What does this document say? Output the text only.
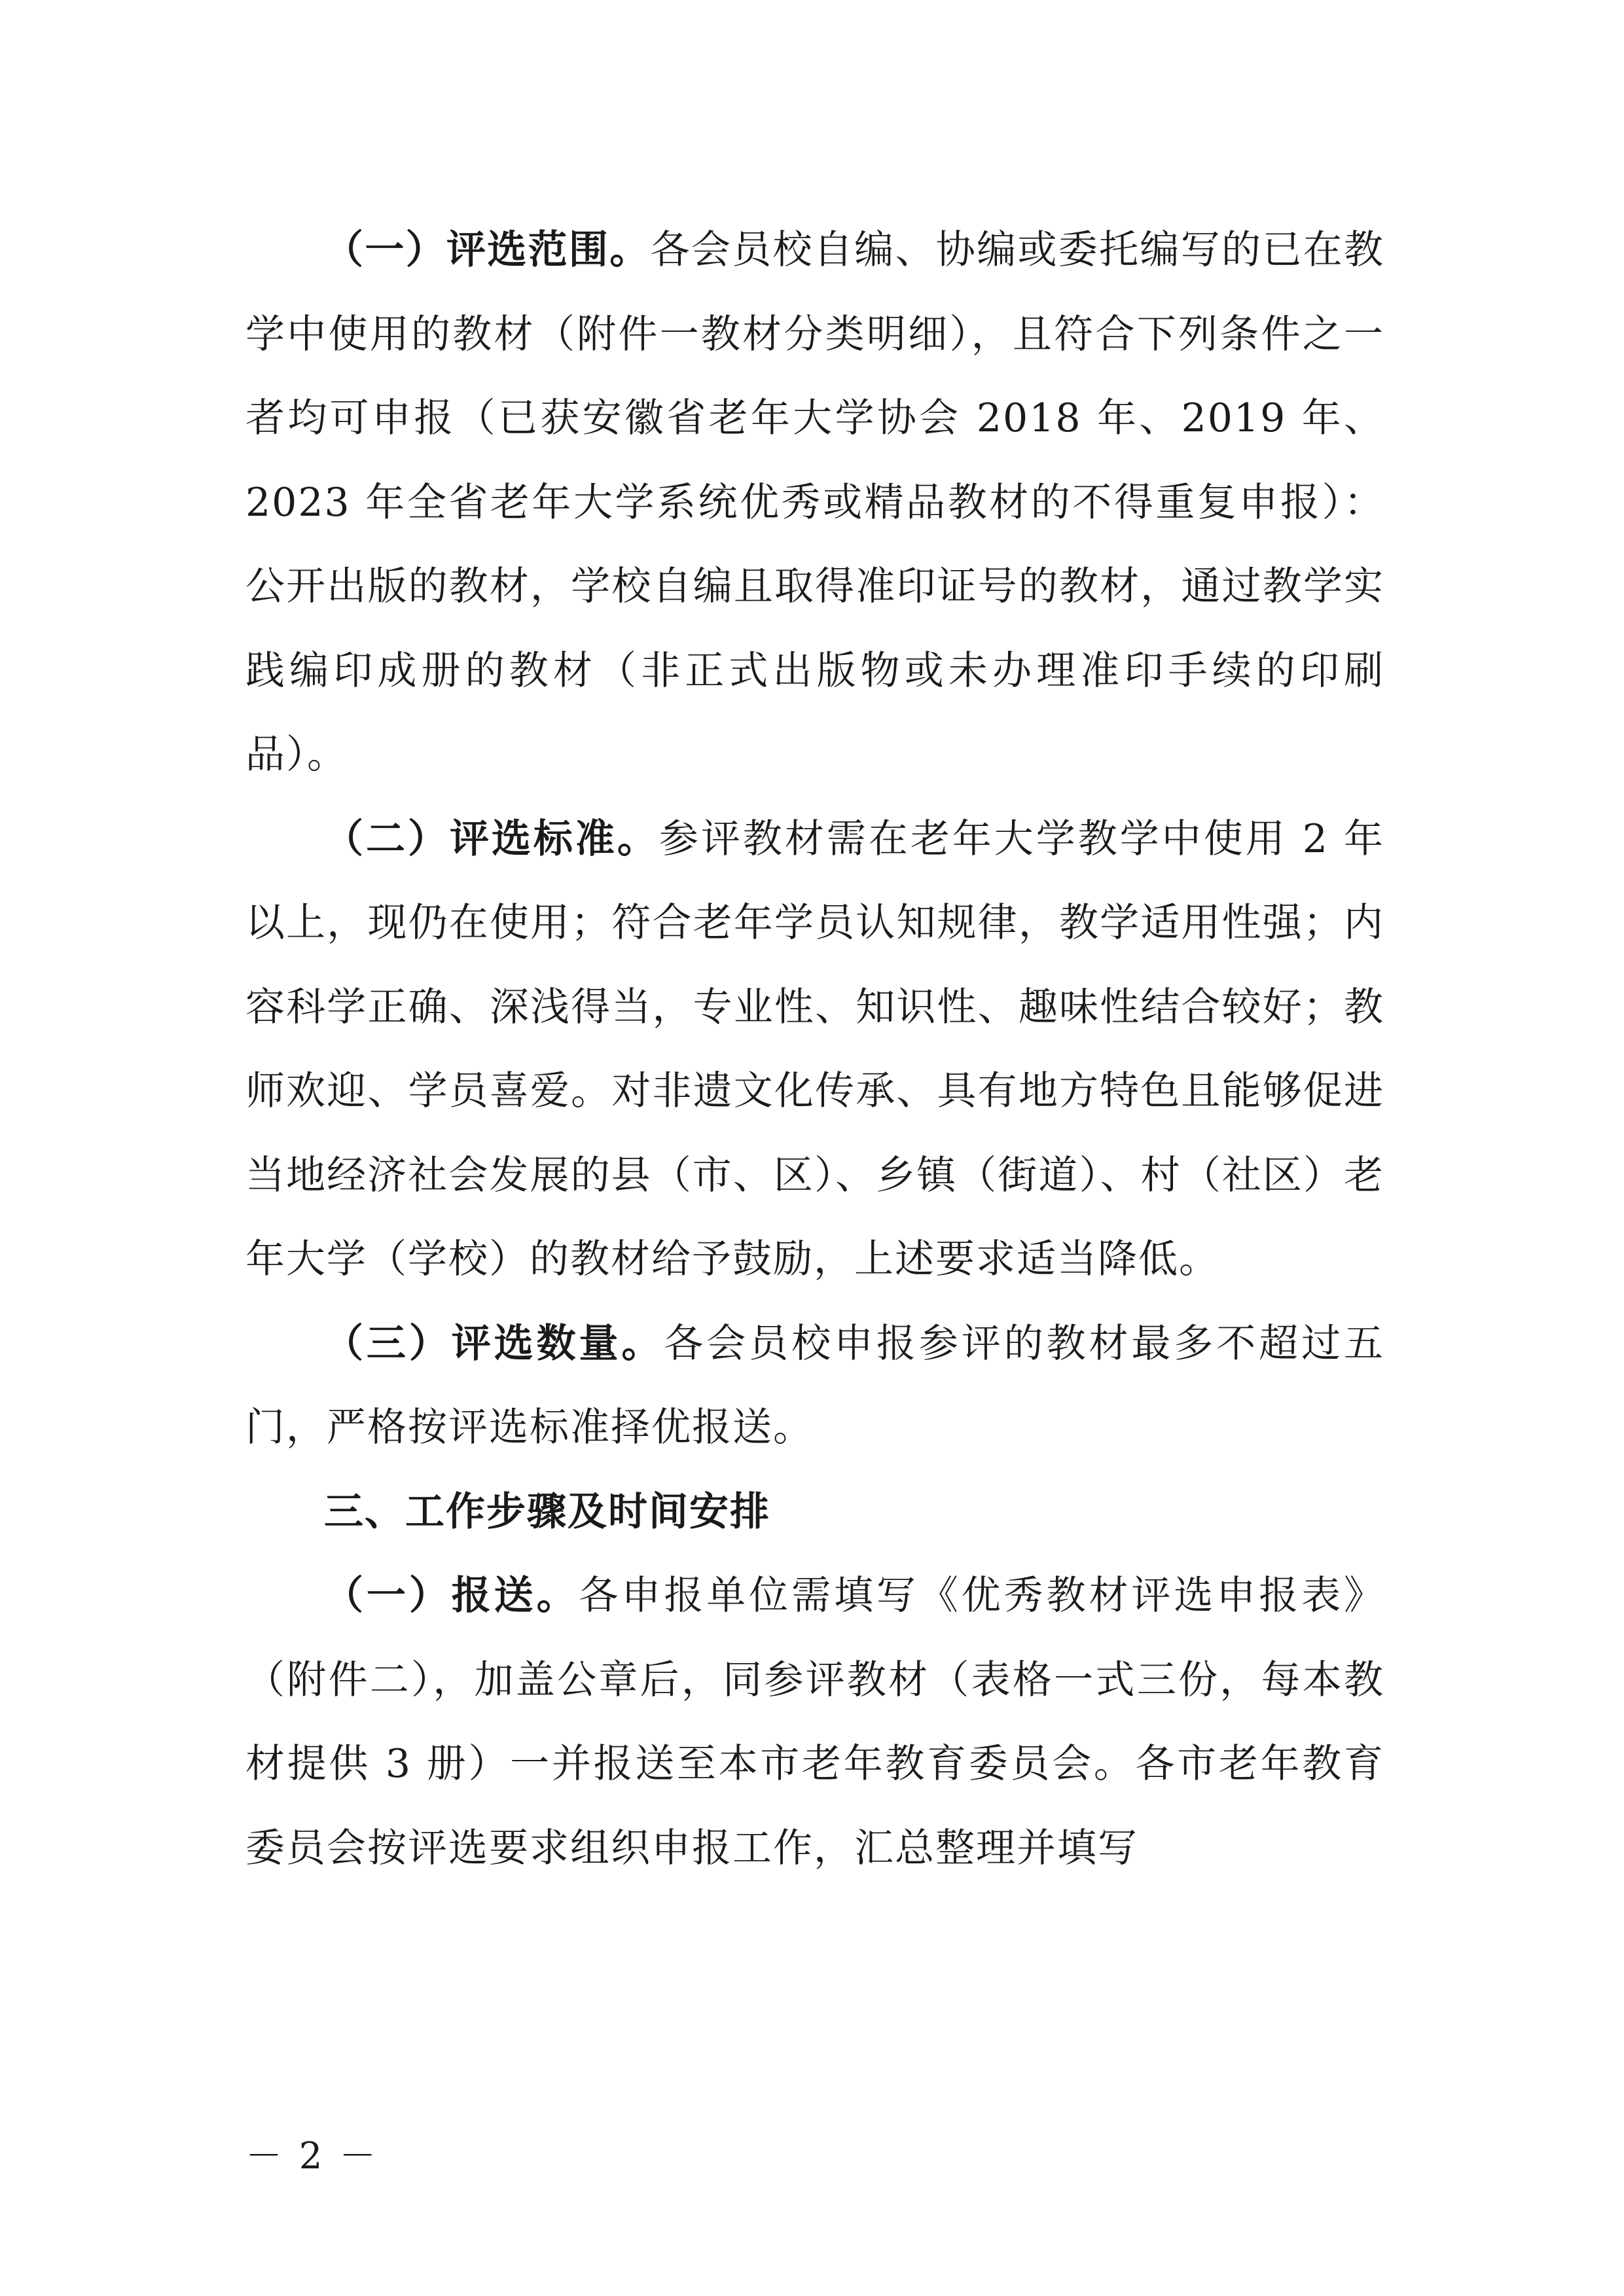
（一）评选范围。各会员校自编、协编或委托编写的已在教学中使用的教材（附件一教材分类明细），且符合下列条件之一者均可申报（已获安徽省老年大学协会 2018 年、2019 年、2023 年全省老年大学系统优秀或精品教材的不得重复申报）：公开出版的教材，学校自编且取得准印证号的教材，通过教学实践编印成册的教材（非正式出版物或未办理准印手续的印刷品）。

（二）评选标准。参评教材需在老年大学教学中使用 2 年以上，现仍在使用；符合老年学员认知规律，教学适用性强；内容科学正确、深浅得当，专业性、知识性、趣味性结合较好；教师欢迎、学员喜爱。对非遗文化传承、具有地方特色且能够促进当地经济社会发展的县（市、区）、乡镇（街道）、村（社区）老年大学（学校）的教材给予鼓励，上述要求适当降低。

（三）评选数量。各会员校申报参评的教材最多不超过五门，严格按评选标准择优报送。

三、工作步骤及时间安排

（一）报送。各申报单位需填写《优秀教材评选申报表》（附件二），加盖公章后，同参评教材（表格一式三份，每本教材提供 3 册）一并报送至本市老年教育委员会。各市老年教育委员会按评选要求组织申报工作，汇总整理并填写

－ 2 －
